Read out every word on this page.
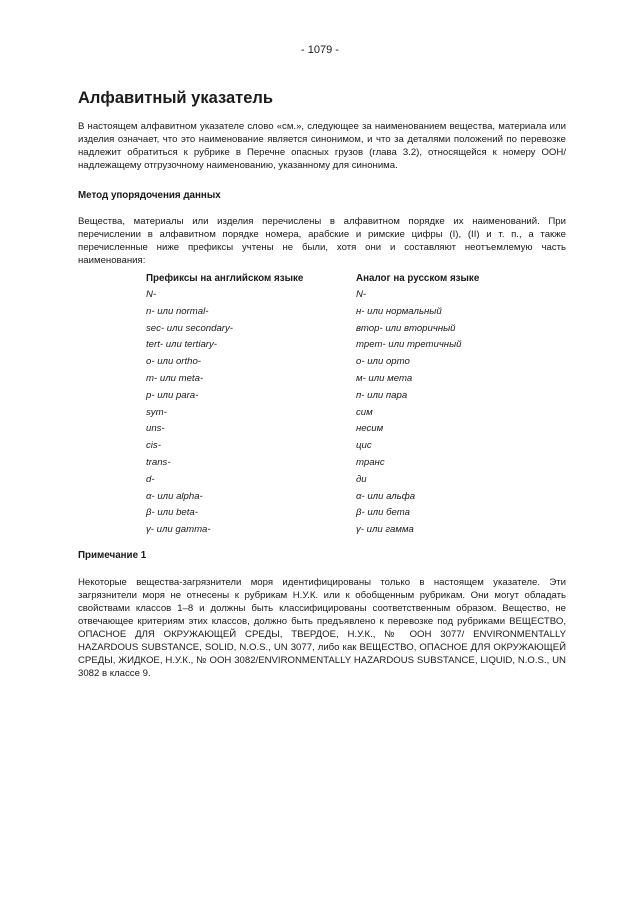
- 1079 -
Алфавитный указатель

В настоящем алфавитном указателе слово «см.», следующее за наименованием вещества, материала или изделия означает, что это наименование является синонимом, и что за деталями положений по перевозке надлежит обратиться к рубрике в Перечне опасных грузов (глава 3.2), относящейся к номеру ООН/надлежащему отгрузочному наименованию, указанному для синонима.

Метод упорядочения данных

Вещества, материалы или изделия перечислены в алфавитном порядке их наименований. При перечислении в алфавитном порядке номера, арабские и римские цифры (I), (II) и т. п., а также перечисленные ниже префиксы учтены не были, хотя они и составляют неотъемлемую часть наименования:

Префиксы на английском языке	Аналог на русском языке
N-	N-
n- или normal-	н- или нормальный
sec- или secondary-	втор- или вторичный
tert- или tertiary-	трет- или третичный
o- или ortho-	о- или орто
m- или meta-	м- или мета
p- или para-	п- или пара
sym-	сим
uns-	несим
cis-	цис
trans-	транс
d-	ди
α- или alpha-	α- или альфа
β- или beta-	β- или бета
γ- или gamma-	γ- или гамма
Примечание 1

Некоторые вещества-загрязнители моря идентифицированы только в настоящем указателе. Эти загрязнители моря не отнесены к рубрикам Н.У.К. или к обобщенным рубрикам. Они могут обладать свойствами классов 1–8 и должны быть классифицированы соответственным образом. Вещество, не отвечающее критериям этих классов, должно быть предъявлено к перевозке под рубриками ВЕЩЕСТВО, ОПАСНОЕ ДЛЯ ОКРУЖАЮЩЕЙ СРЕДЫ, ТВЕРДОЕ, Н.У.К., № ООН 3077/ ENVIRONMENTALLY HAZARDOUS SUBSTANCE, SOLID, N.O.S., UN 3077, либо как ВЕЩЕСТВО, ОПАСНОЕ ДЛЯ ОКРУЖАЮЩЕЙ СРЕДЫ, ЖИДКОЕ, Н.У.К., № ООН 3082/ENVIRONMENTALLY HAZARDOUS SUBSTANCE, LIQUID, N.O.S., UN 3082 в классе 9.
